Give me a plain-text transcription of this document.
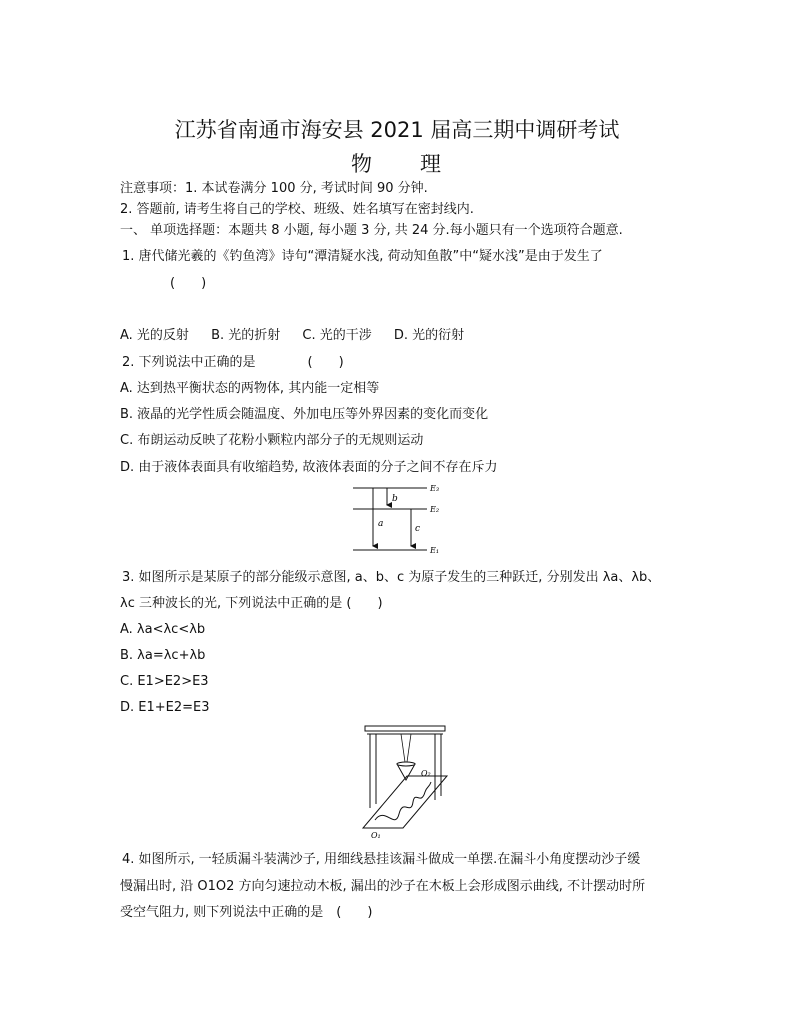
江苏省南通市海安县 2021 届高三期中调研考试
物　　理
注意事项：1. 本试卷满分 100 分, 考试时间 90 分钟.
2. 答题前, 请考生将自己的学校、班级、姓名填写在密封线内.
一、 单项选择题：本题共 8 小题, 每小题 3 分, 共 24 分.每小题只有一个选项符合题意.
1. 唐代储光羲的《钓鱼湾》诗句“潭清疑水浅, 荷动知鱼散”中“疑水浅”是由于发生了
(　　)
A. 光的反射 B. 光的折射 C. 光的干涉 D. 光的衍射
2. 下列说法中正确的是　　　　(　　)
A. 达到热平衡状态的两物体, 其内能一定相等
B. 液晶的光学性质会随温度、外加电压等外界因素的变化而变化
C. 布朗运动反映了花粉小颗粒内部分子的无规则运动
D. 由于液体表面具有收缩趋势, 故液体表面的分子之间不存在斥力
E₃
E₂
E₁
b
a	c
3. 如图所示是某原子的部分能级示意图, a、b、c 为原子发生的三种跃迁, 分别发出 λa、λb、
λc 三种波长的光, 下列说法中正确的是 (　　)
A. λa<λc<λb
B. λa=λc+λb
C. E1>E2>E3
D. E1+E2=E3
O₁
O₂
4. 如图所示, 一轻质漏斗装满沙子, 用细线悬挂该漏斗做成一单摆.在漏斗小角度摆动沙子缓
慢漏出时, 沿 O1O2 方向匀速拉动木板, 漏出的沙子在木板上会形成图示曲线, 不计摆动时所
受空气阻力, 则下列说法中正确的是　(　　)
